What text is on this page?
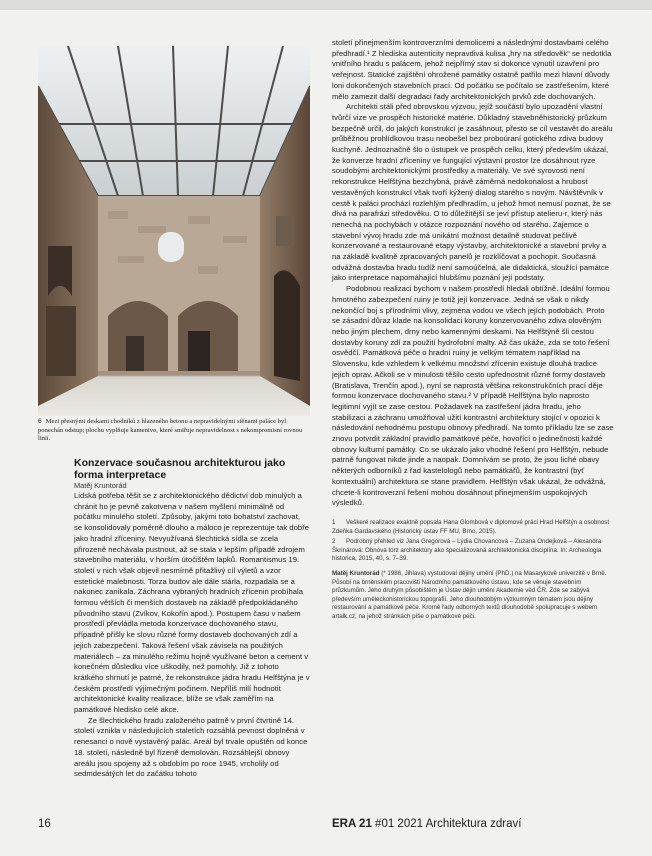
6 Mezi přesnými deskami chodníků z hlazeného betonu a nepravidelnými stěnami paláce byl ponechán odstup; plochu vyplňuje kamenivo, které smiřuje nepravidelnost s nekompromisní rovnou linií.
Konzervace současnou architekturou jako forma interpretace
Matěj Kruntorád

Lidská potřeba těšit se z architektonického dědictví dob minulých a chránit ho je pevně zakotvena v našem myšlení minimálně od počátku minulého století. Způsoby, jakými toto bohatství zachovat, se konsolidovaly poměrně dlouho a máloco je reprezentuje tak dobře jako hradní zříceniny. Nevyužívaná šlechtická sídla se zcela přirozeně nechávala pustnout, až se stala v lepším případě zdrojem stavebního materiálu, v horším útočištěm lapků. Romantismus 19. století v nich však objevil nesmírně přitažlivý cíl výletů a vzor estetické malebnosti. Torza budov ale dále stárla, rozpadala se a nakonec zanikala. Záchrana vybraných hradních zřícenin probíhala formou větších či menších dostaveb na základě předpokládaného původního stavu (Zvíkov, Kokořín apod.). Postupem času v našem prostředí převládla metoda konzervace dochovaného stavu, případně přišly ke slovu různé formy dostaveb dochovaných zdí a jejich zabezpečení. Taková řešení však závisela na použitých materiálech – za minulého režimu hojně využívané beton a cement v konečném důsledku více uškodily, než pomohly. Již z tohoto krátkého shrnutí je patrné, že rekonstrukce jádra hradu Helfštýna je v českém prostředí výjimečným počinem. Nepříliš milí hodnotit architektonické kvality realizace, blíže se však zaměřím na památkové hledisko celé akce.

Ze šlechtického hradu založeného patrně v první čtvrtině 14. století vznikla v následujících staletích rozsáhlá pevnost doplněná v renesanci o nově vystavěný palác. Areál byl trvale opuštěn od konce 18. století, následně byl řízeně demolován. Rozsáhlejší obnovy areálu jsou spojeny až s obdobím po roce 1945, vrcholily od sedmdesátých let do začátku tohoto

století přinejmenším kontroverzními demolicemi a následnými dostavbami celého předhradí.¹ Z hlediska autenticity nepravdivá kulisa „hry na středověk“ se nedotkla vnitřního hradu s palácem, jehož nejpřímý stav si dokonce vynutil uzavření pro veřejnost. Statické zajištění ohrožené památky ostatně patřilo mezi hlavní důvody loni dokončených stavebních prací. Od počátku se počítalo se zastřešením, které mělo zamezit další degradaci řady architektonických prvků zde dochovaných.

Architekti stáli před obrovskou výzvou, jejíž součástí bylo upozadění vlastní tvůrčí vize ve prospěch historické matérie. Důkladný stavebněhistorický průzkum bezpečně určil, do jakých konstrukcí je zasáhnout, přesto se cíl vestavět do areálu průběžnou prohlídkovou trasu neobešel bez proboúraní gotického zdiva budovy kuchyně. Jednoznačně šlo o ústupek ve prospěch celku, který především ukázal, že konverze hradní zříceniny ve fungující výstavní prostor lze dosáhnout ryze soudobými architektonickými prostředky a materiály. Ve své syrovosti není rekonstrukce Helfštýna bezchybná, právě záměrná nedokonalost a hrubost vestavěných konstrukcí však tvoří kýžený dialog starého s novým. Návštěvník v cestě k paláci prochází rozlehlým předhradím, u jehož hmot nemusí poznat, že se dívá na parafrázi středověku. O to důležitější se jeví přístup atelieru-r, který nás nenechá na pochybách v otázce rozpoznání nového od starého. Zajemce o stavební vývoj hradu zde má unikátní možnost detailně studovat pečlivě konzervované a restaurované etapy výstavby, architektonické a stavební prvky a na základě kvalitně zpracovaných panelů je rozklíčovat a pochopit. Současná odvážná dostavba hradu tudíž není samoúčelná, ale didaktická, sloužící památce jako interpretace napomáhající hlubšímu poznání její podstaty.

Podobnou realizaci bychom v našem prostředí hledali obtížně. Ideální formou hmotného zabezpečení ruiny je totiž její konzervace. Jedná se však o nikdy nekončící boj s přírodními vlivy, zejména vodou ve všech jejích podobách. Proto se zásadní důraz klade na konsolidaci koruny konzervovaného zdiva olověným nebo jiným plechem, drny nebo kamennými deskami. Na Helfštýně šli cestou dostavby koruny zdí za použití hydrofobní malty. Až čas ukáže, zda se toto řešení osvědčí. Památková péče o hradní ruiny je velkým tématem například na Slovensku, kde vzhledem k velkému množství zřícenin existuje dlouhá tradice jejich oprav. Ačkoli se v minulosti těšilo cesto upřednostnit různé formy dostaveb (Bratislava, Trenčín apod.), nyní se naprostá většina rekonstrukčních prací děje formou konzervace dochovaného stavu.² V případě Helfštýna bylo naprosto legitimní vyjít se zase cestou. Požadavek na zastřešení jádra hradu, jeho stabilizaci a záchranu umožňoval užití kontrastní architektury stojící v opozici k následování nehodnému postupu obnovy předhradí. Na tomto příkladu lze se zase znovu potvrdit základní pravidlo památkové péče, hovořící o jedinečnosti každé obnovy kulturní památky. Co se ukázalo jako vhodné řešení pro Helfštýn, nebude patrně fungovat nikde jinde a naopak. Domnívám se proto, že jsou liché obavy některých odborníků z řad kastelologů nebo památkářů, že kontrastní (byť kontextuální) architektura se stane pravidlem. Helfštýn však ukázal, že odvážná, chcete-li kontroverzní řešení mohou dosáhnout přinejmenším uspokojivých výsledků.

1 Veškeré realizace exaktně popsala Hana Glombová v diplomové práci Hrad Helfštýn a osobnost Zdeňka Gardavského (Historický ústav FF MU, Brno, 2015).

2 Podrobný přehled viz Jana Gregorová – Lýdia Chovancová – Zuzana Ondejková – Alexandra Škrinárová: Obnova torz architektúry ako špecializovaná architektonická disciplína. In: Archeologia historica, 2015, 40, s. 7–39.

Matěj Kruntorád (* 1986, Jihlava) vystudoval dějiny umění (PhD.) na Masarykově univerzitě v Brně. Působí na brněnském pracovišti Národního památkového ústavu, kde se věnuje stavebním průzkumům. Jeho druhým působištěm je Ústav dějin umění Akademie věd ČR. Zde se zabývá především uměleckohistorickou topografií. Jeho dlouhodobým výzkumným tématem jsou dějiny restaurování a památkové péče. Kromě řady odborných textů dlouhodobě spolupracuje s webem artalk.cz, na jehož stránkách píše o památkové péči.
16	ERA 21 #01 2021 Architektura zdraví
